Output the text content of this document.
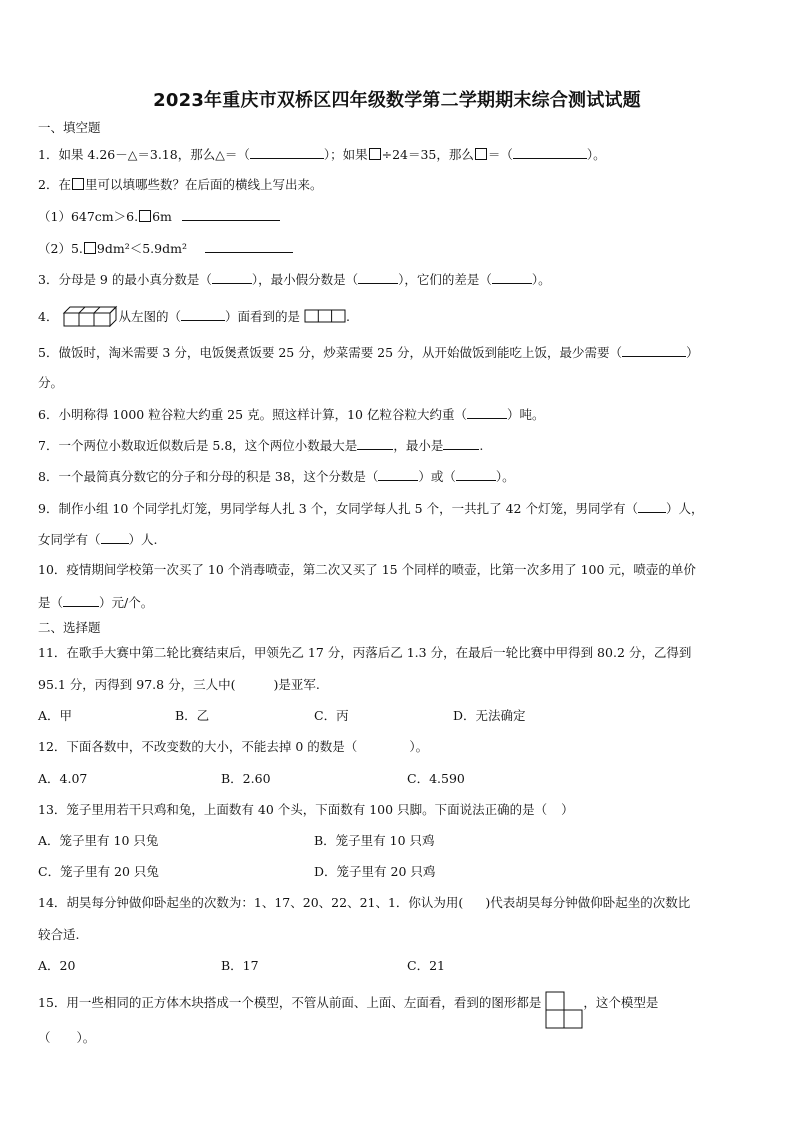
2023年重庆市双桥区四年级数学第二学期期末综合测试试题
一、填空题
1．如果 4.26－△＝3.18，那么△＝（	）；如果 ÷24＝35，那么 ＝（	）。
2．在 里可以填哪些数？在后面的横线上写出来。
（1）647cm＞6. 6m
（2）5. 9dm²＜5.9dm²
3．分母是 9 的最小真分数是（	），最小假分数是（	），它们的差是（	）。
4．	从左图的（	）面看到的是	.
5．做饭时，淘米需要 3 分，电饭煲煮饭要 25 分，炒菜需要 25 分，从开始做饭到能吃上饭，最少需要（	）
分。
6．小明称得 1000 粒谷粒大约重 25 克。照这样计算，10 亿粒谷粒大约重（	）吨。
7．一个两位小数取近似数后是 5.8，这个两位小数最大是	，最小是	.
8．一个最简真分数它的分子和分母的积是 38，这个分数是（	）或（	）。
9．制作小组 10 个同学扎灯笼，男同学每人扎 3 个，女同学每人扎 5 个，一共扎了 42 个灯笼，男同学有（ ）人，
女同学有（ ）人.
10．疫情期间学校第一次买了 10 个消毒喷壶，第二次又买了 15 个同样的喷壶，比第一次多用了 100 元，喷壶的单价
是（	）元/个。
二、选择题
11．在歌手大赛中第二轮比赛结束后，甲领先乙 17 分，丙落后乙 1.3 分，在最后一轮比赛中甲得到 80.2 分，乙得到
95.1 分，丙得到 97.8 分，三人中(	)是亚军.
A．甲	B．乙	C．丙	D．无法确定
12．下面各数中，不改变数的大小，不能去掉 0 的数是（	）。
A．4.07	B．2.60	C．4.590
13．笼子里用若干只鸡和兔，上面数有 40 个头，下面数有 100 只脚。下面说法正确的是（ ）
A．笼子里有 10 只兔	B．笼子里有 10 只鸡
C．笼子里有 20 只兔	D．笼子里有 20 只鸡
14．胡昊每分钟做仰卧起坐的次数为：1、17、20、22、21、1．你认为用( )代表胡昊每分钟做仰卧起坐的次数比
较合适.
A．20	B．17	C．21
15．用一些相同的正方体木块搭成一个模型，不管从前面、上面、左面看，看到的图形都是	，这个模型是
（ ）。
